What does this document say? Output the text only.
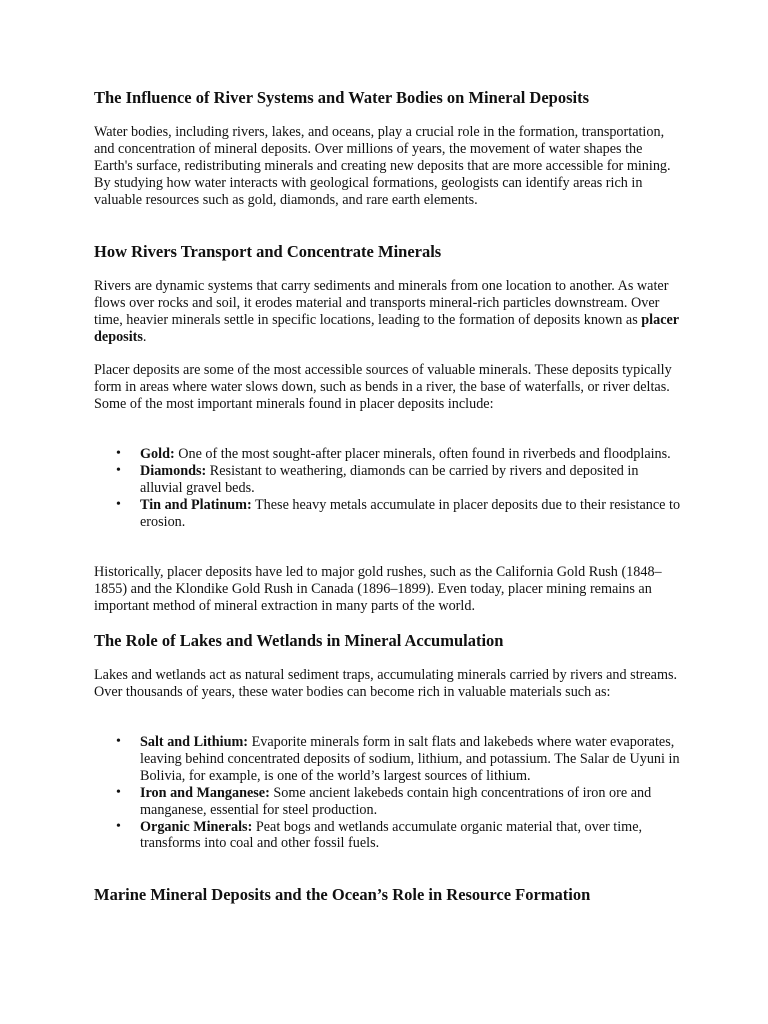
The Influence of River Systems and Water Bodies on Mineral Deposits

Water bodies, including rivers, lakes, and oceans, play a crucial role in the formation, transportation, and concentration of mineral deposits. Over millions of years, the movement of water shapes the Earth's surface, redistributing minerals and creating new deposits that are more accessible for mining. By studying how water interacts with geological formations, geologists can identify areas rich in valuable resources such as gold, diamonds, and rare earth elements.

How Rivers Transport and Concentrate Minerals

Rivers are dynamic systems that carry sediments and minerals from one location to another. As water flows over rocks and soil, it erodes material and transports mineral-rich particles downstream. Over time, heavier minerals settle in specific locations, leading to the formation of deposits known as placer deposits.

Placer deposits are some of the most accessible sources of valuable minerals. These deposits typically form in areas where water slows down, such as bends in a river, the base of waterfalls, or river deltas. Some of the most important minerals found in placer deposits include:

• Gold: One of the most sought-after placer minerals, often found in riverbeds and floodplains.
• Diamonds: Resistant to weathering, diamonds can be carried by rivers and deposited in alluvial gravel beds.
• Tin and Platinum: These heavy metals accumulate in placer deposits due to their resistance to erosion.

Historically, placer deposits have led to major gold rushes, such as the California Gold Rush (1848–1855) and the Klondike Gold Rush in Canada (1896–1899). Even today, placer mining remains an important method of mineral extraction in many parts of the world.

The Role of Lakes and Wetlands in Mineral Accumulation

Lakes and wetlands act as natural sediment traps, accumulating minerals carried by rivers and streams. Over thousands of years, these water bodies can become rich in valuable materials such as:

• Salt and Lithium: Evaporite minerals form in salt flats and lakebeds where water evaporates, leaving behind concentrated deposits of sodium, lithium, and potassium. The Salar de Uyuni in Bolivia, for example, is one of the world’s largest sources of lithium.
• Iron and Manganese: Some ancient lakebeds contain high concentrations of iron ore and manganese, essential for steel production.
• Organic Minerals: Peat bogs and wetlands accumulate organic material that, over time, transforms into coal and other fossil fuels.
Marine Mineral Deposits and the Ocean’s Role in Resource Formation
